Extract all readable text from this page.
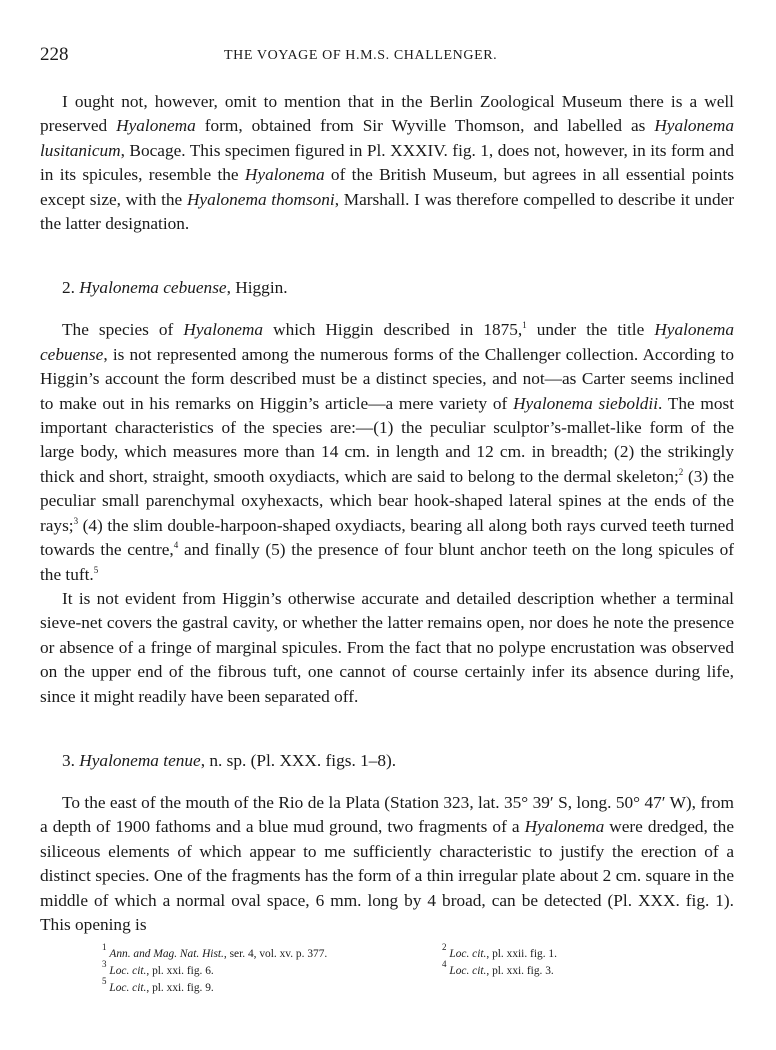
228	THE VOYAGE OF H.M.S. CHALLENGER.

I ought not, however, omit to mention that in the Berlin Zoological Museum there is a well preserved Hyalonema form, obtained from Sir Wyville Thomson, and labelled as Hyalonema lusitanicum, Bocage. This specimen figured in Pl. XXXIV. fig. 1, does not, however, in its form and in its spicules, resemble the Hyalonema of the British Museum, but agrees in all essential points except size, with the Hyalonema thomsoni, Marshall. I was therefore compelled to describe it under the latter designation.

2. Hyalonema cebuense, Higgin.

The species of Hyalonema which Higgin described in 1875,$^1$ under the title Hyalonema cebuense, is not represented among the numerous forms of the Challenger collection. According to Higgin’s account the form described must be a distinct species, and not—as Carter seems inclined to make out in his remarks on Higgin’s article—a mere variety of Hyalonema sieboldii. The most important characteristics of the species are:—(1) the peculiar sculptor’s-mallet-like form of the large body, which measures more than 14 cm. in length and 12 cm. in breadth; (2) the strikingly thick and short, straight, smooth oxydiacts, which are said to belong to the dermal skeleton;$^2$ (3) the peculiar small parenchymal oxyhexacts, which bear hook-shaped lateral spines at the ends of the rays;$^3$ (4) the slim double-harpoon-shaped oxydiacts, bearing all along both rays curved teeth turned towards the centre,$^4$ and finally (5) the presence of four blunt anchor teeth on the long spicules of the tuft.$^5$

It is not evident from Higgin’s otherwise accurate and detailed description whether a terminal sieve-net covers the gastral cavity, or whether the latter remains open, nor does he note the presence or absence of a fringe of marginal spicules. From the fact that no polype encrustation was observed on the upper end of the fibrous tuft, one cannot of course certainly infer its absence during life, since it might readily have been separated off.

3. Hyalonema tenue, n. sp. (Pl. XXX. figs. 1–8).

To the east of the mouth of the Rio de la Plata (Station 323, lat. 35° 39′ S, long. 50° 47′ W), from a depth of 1900 fathoms and a blue mud ground, two fragments of a Hyalonema were dredged, the siliceous elements of which appear to me sufficiently characteristic to justify the erection of a distinct species. One of the fragments has the form of a thin irregular plate about 2 cm. square in the middle of which a normal oval space, 6 mm. long by 4 broad, can be detected (Pl. XXX. fig. 1). This opening is

$^1$ Ann. and Mag. Nat. Hist., ser. 4, vol. xv. p. 377.
$^2$ Loc. cit., pl. xxii. fig. 1.
$^3$ Loc. cit., pl. xxi. fig. 6.
$^4$ Loc. cit., pl. xxi. fig. 3.
$^5$ Loc. cit., pl. xxi. fig. 9.
